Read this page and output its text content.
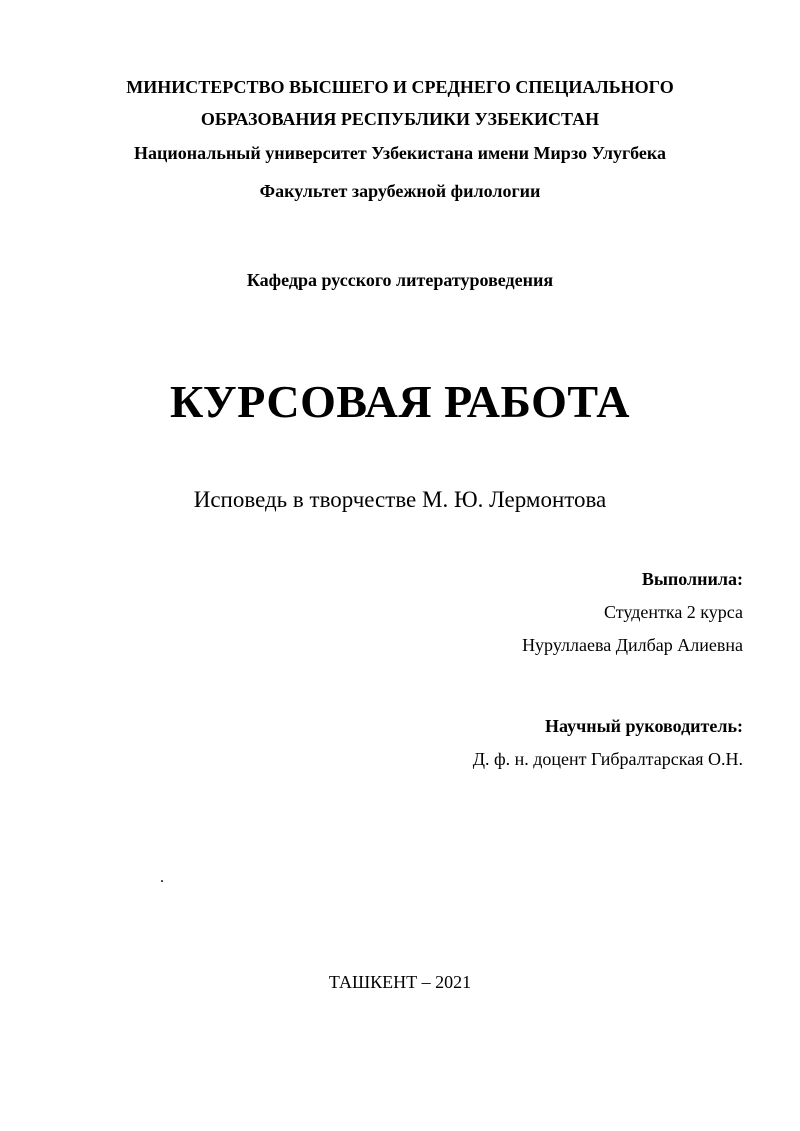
МИНИСТЕРСТВО ВЫСШЕГО И СРЕДНЕГО СПЕЦИАЛЬНОГО
ОБРАЗОВАНИЯ РЕСПУБЛИКИ УЗБЕКИСТАН
Национальный университет Узбекистана имени Мирзо Улугбека
Факультет зарубежной филологии
Кафедра русского литературоведения
КУРСОВАЯ РАБОТА
Исповедь в творчестве М. Ю. Лермонтова
Выполнила:
Студентка 2 курса
Нуруллаева Дилбар Алиевна
Научный руководитель:
Д. ф. н. доцент Гибралтарская О.Н.
.
ТАШКЕНТ – 2021
